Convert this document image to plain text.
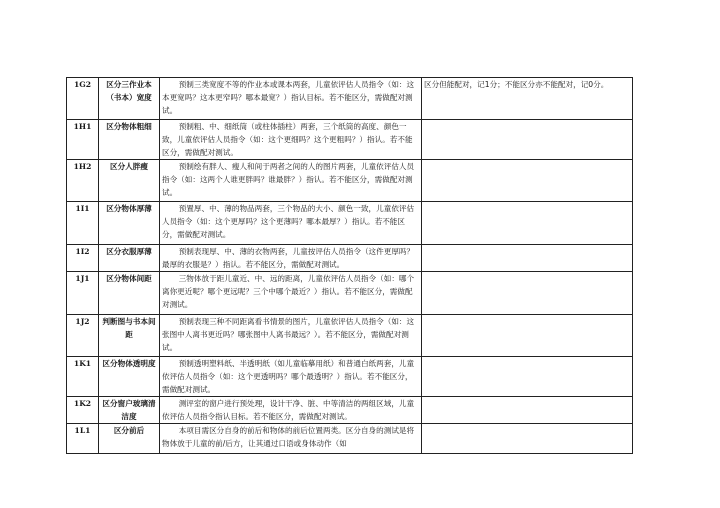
1G2	区分三作业本（书本）宽度	预制三类宽度不等的作业本或课本两套，儿童依评估人员指令（如：这本更宽吗？这本更窄吗？哪本最宽？）指认目标。若不能区分，需做配对测试。	区分但能配对，记1分；不能区分亦不能配对，记0分。
1H1	区分物体粗细	预制粗、中、细纸筒（或柱体插柱）两套，三个纸筒的高度、颜色一致，儿童依评估人员指令（如：这个更细吗？这个更粗吗？）指认。若不能区分，需做配对测试。	
1H2	区分人胖瘦	预制绘有胖人、瘦人和间于两者之间的人的图片两套，儿童依评估人员指令（如：这两个人谁更胖吗？谁最胖？）指认。若不能区分，需做配对测试。	
1I1	区分物体厚薄	预置厚、中、薄的物品两套，三个物品的大小、颜色一致，儿童依评估人员指令（如：这个更厚吗？这个更薄吗？哪本最厚？）指认。若不能区分，需做配对测试。	
1I2	区分衣服厚薄	预制表现厚、中、薄的衣物两套，儿童按评估人员指令（这件更厚吗？最厚的衣服是？）指认。若不能区分，需做配对测试。	
1J1	区分物体间距	三物体放于距儿童近、中、远的距离，儿童依评估人员指令（如：哪个离你更近呢？哪个更远呢？三个中哪个最近？）指认。若不能区分，需做配对测试。	
1J2	判断图与书本间距	预制表现三种不同距离看书情景的图片，儿童依评估人员指令（如：这张图中人离书更近吗？哪张图中人离书最远？）。若不能区分，需做配对测试。	
1K1	区分物体透明度	预制透明塑料纸、半透明纸（如儿童临摹用纸）和普通白纸两套，儿童依评估人员指令（如：这个更透明吗？哪个最透明？）指认。若不能区分，需做配对测试。	
1K2	区分窗户玻璃清洁度	测评室的窗户进行预处理，设计干净、脏、中等清洁的两组区域，儿童依评估人员指令指认目标。若不能区分，需做配对测试。	
1L1	区分前后	本项目需区分自身的前后和物体的前后位置两类。区分自身的测试是将物体放于儿童的前/后方，让其通过口语或身体动作（如	
